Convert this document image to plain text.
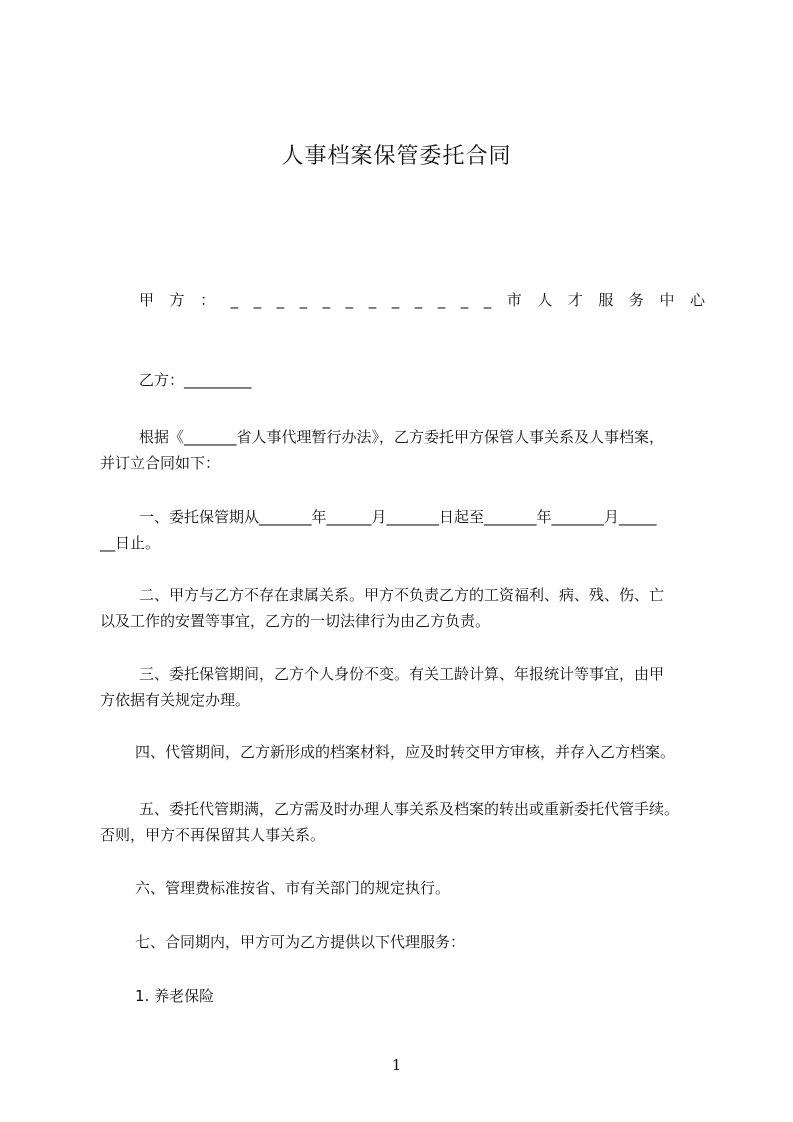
人事档案保管委托合同
甲 方 ： _ _ _ _ _ _ _ _ _ _ _ _ 市 人 才 服 务 中 心
乙方：_________
根据《_______省人事代理暂行办法》，乙方委托甲方保管人事关系及人事档案，
并订立合同如下：
一、委托保管期从_______年______月_______日起至_______年_______月_____
__日止。
二、甲方与乙方不存在隶属关系。甲方不负责乙方的工资福利、病、残、伤、亡
以及工作的安置等事宜，乙方的一切法律行为由乙方负责。
三、委托保管期间，乙方个人身份不变。有关工龄计算、年报统计等事宜，由甲
方依据有关规定办理。
四、代管期间，乙方新形成的档案材料，应及时转交甲方审核，并存入乙方档案。
五、委托代管期满，乙方需及时办理人事关系及档案的转出或重新委托代管手续。
否则，甲方不再保留其人事关系。
六、管理费标准按省、市有关部门的规定执行。
七、合同期内，甲方可为乙方提供以下代理服务：
1. 养老保险
1
